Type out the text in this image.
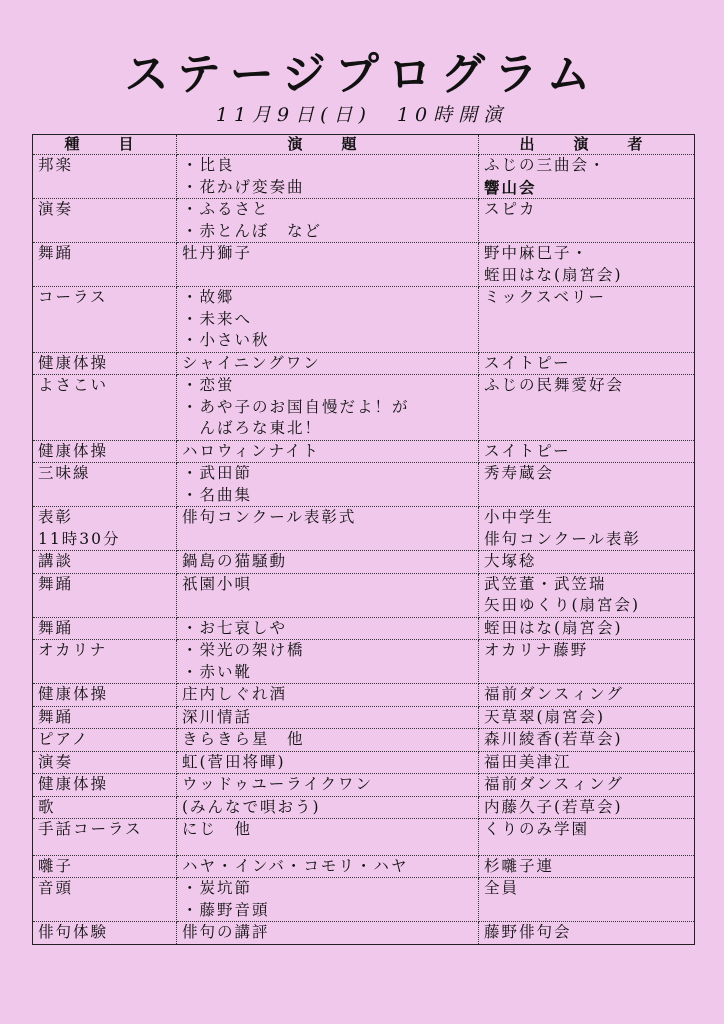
ステージプログラム
11月9日(日)　10時開演
種　目	演　題	出　演　者

邦楽	・比良
・花かげ変奏曲	ふじの三曲会・
響山会

演奏	・ふるさと
・赤とんぼ　など	スピカ

舞踊	牡丹獅子	野中麻巳子・
蛭田はな(扇宮会)

コーラス	・故郷
・未来へ
・小さい秋	ミックスベリー

健康体操	シャイニングワン	スイトピー

よさこい	・恋蛍
・あや子のお国自慢だよ！が
　んばろな東北！	ふじの民舞愛好会

健康体操	ハロウィンナイト	スイトピー

三味線	・武田節
・名曲集	秀寿蔵会

表彰
11時30分	俳句コンクール表彰式	小中学生
俳句コンクール表彰

講談	鍋島の猫騒動	大塚稔

舞踊	祇園小唄	武笠董・武笠瑞
矢田ゆくり(扇宮会)

舞踊	・お七哀しや	蛭田はな(扇宮会)

オカリナ	・栄光の架け橋
・赤い靴	オカリナ藤野

健康体操	庄内しぐれ酒	福前ダンスィング

舞踊	深川情話	天草翠(扇宮会)

ピアノ	きらきら星　他	森川綾香(若草会)

演奏	虹(菅田将暉)	福田美津江

健康体操	ウッドゥユーライクワン	福前ダンスィング

歌	(みんなで唄おう)	内藤久子(若草会)

手話コーラス	にじ　他	くりのみ学園

囃子	ハヤ・インバ・コモリ・ハヤ	杉囃子連

音頭	・炭坑節
・藤野音頭	全員

俳句体験	俳句の講評	藤野俳句会
